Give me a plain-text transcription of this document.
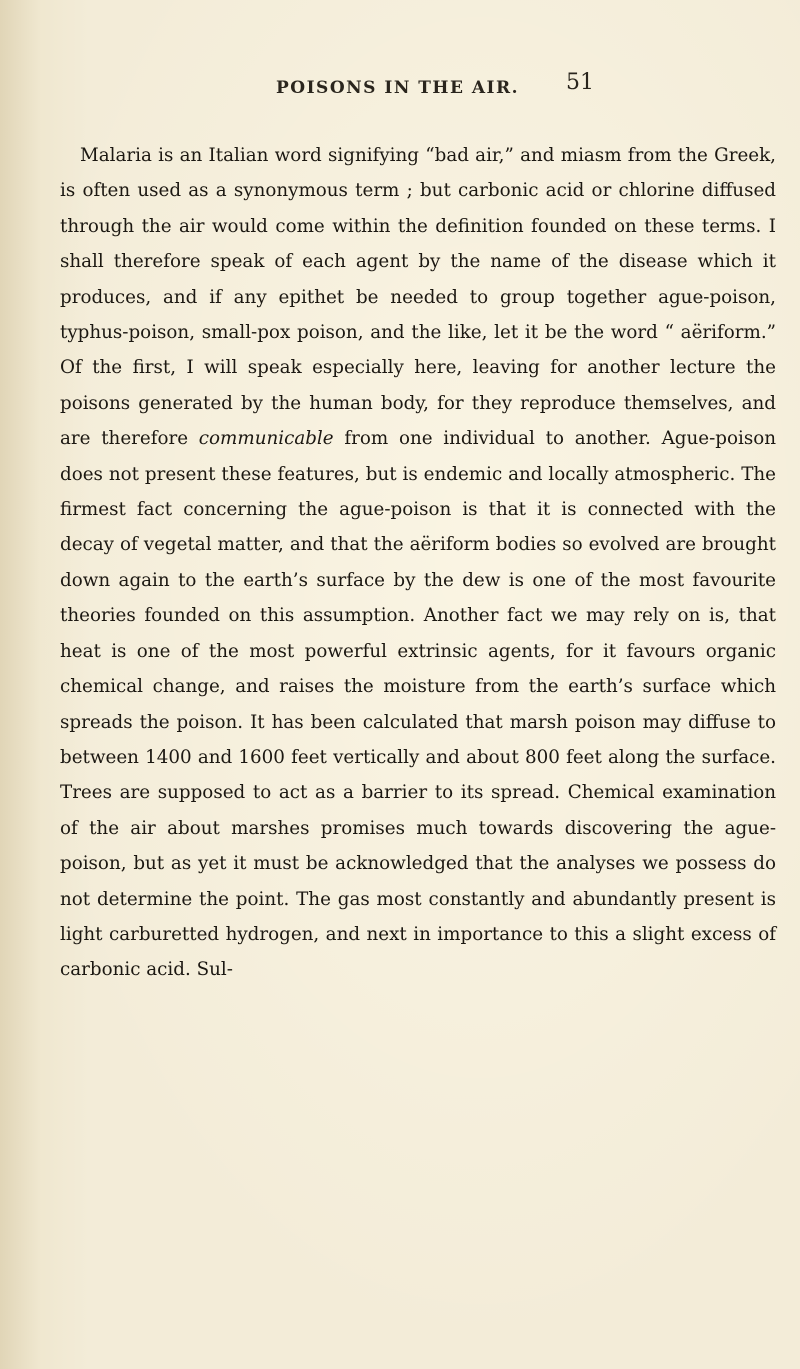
POISONS IN THE AIR. 51

Malaria is an Italian word signifying “bad air,” and miasm from the Greek, is often used as a synonymous term ; but carbonic acid or chlorine diffused through the air would come within the definition founded on these terms. I shall therefore speak of each agent by the name of the disease which it produces, and if any epithet be needed to group together ague-poison, typhus-poison, small-pox poison, and the like, let it be the word “ aëriform.” Of the first, I will speak especially here, leaving for another lecture the poisons generated by the human body, for they reproduce themselves, and are therefore communicable from one individual to another. Ague-poison does not present these features, but is endemic and locally atmospheric. The firmest fact concerning the ague-poison is that it is connected with the decay of vegetal matter, and that the aëriform bodies so evolved are brought down again to the earth’s surface by the dew is one of the most favourite theories founded on this assumption. Another fact we may rely on is, that heat is one of the most powerful extrinsic agents, for it favours organic chemical change, and raises the moisture from the earth’s surface which spreads the poison. It has been calculated that marsh poison may diffuse to between 1400 and 1600 feet vertically and about 800 feet along the surface. Trees are supposed to act as a barrier to its spread. Chemical examination of the air about marshes promises much towards discovering the ague-poison, but as yet it must be acknowledged that the analyses we possess do not determine the point. The gas most constantly and abundantly present is light carburetted hydrogen, and next in importance to this a slight excess of carbonic acid. Sul-
